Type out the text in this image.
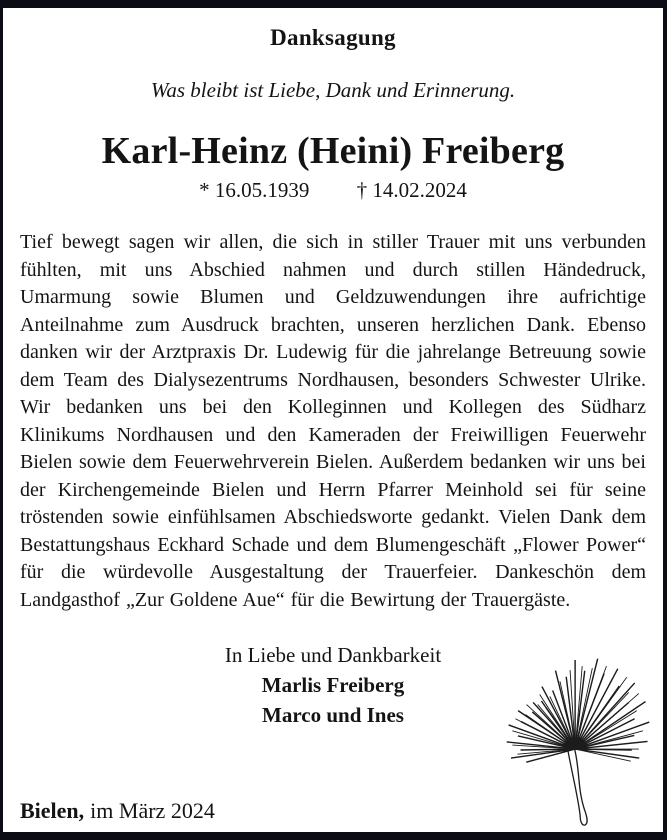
Danksagung
Was bleibt ist Liebe, Dank und Erinnerung.
Karl-Heinz (Heini) Freiberg
* 16.05.1939 † 14.02.2024

Tief bewegt sagen wir allen, die sich in stiller Trauer mit uns verbunden fühlten, mit uns Abschied nahmen und durch stillen Händedruck, Umarmung sowie Blumen und Geldzuwendungen ihre aufrichtige Anteilnahme zum Ausdruck brachten, unseren herzlichen Dank. Ebenso danken wir der Arztpraxis Dr. Ludewig für die jahrelange Betreuung sowie dem Team des Dialysezentrums Nordhausen, besonders Schwester Ulrike. Wir bedanken uns bei den Kolleginnen und Kollegen des Südharz Klinikums Nordhausen und den Kameraden der Freiwilligen Feuerwehr Bielen sowie dem Feuerwehrverein Bielen. Außerdem bedanken wir uns bei der Kirchengemeinde Bielen und Herrn Pfarrer Meinhold sei für seine tröstenden sowie einfühlsamen Abschiedsworte gedankt. Vielen Dank dem Bestattungshaus Eckhard Schade und dem Blumengeschäft „Flower Power“ für die würdevolle Ausgestaltung der Trauerfeier. Dankeschön dem Landgasthof „Zur Goldene Aue“ für die Bewirtung der Trauergäste.

In Liebe und Dankbarkeit
Marlis Freiberg
Marco und Ines
Bielen, im März 2024
